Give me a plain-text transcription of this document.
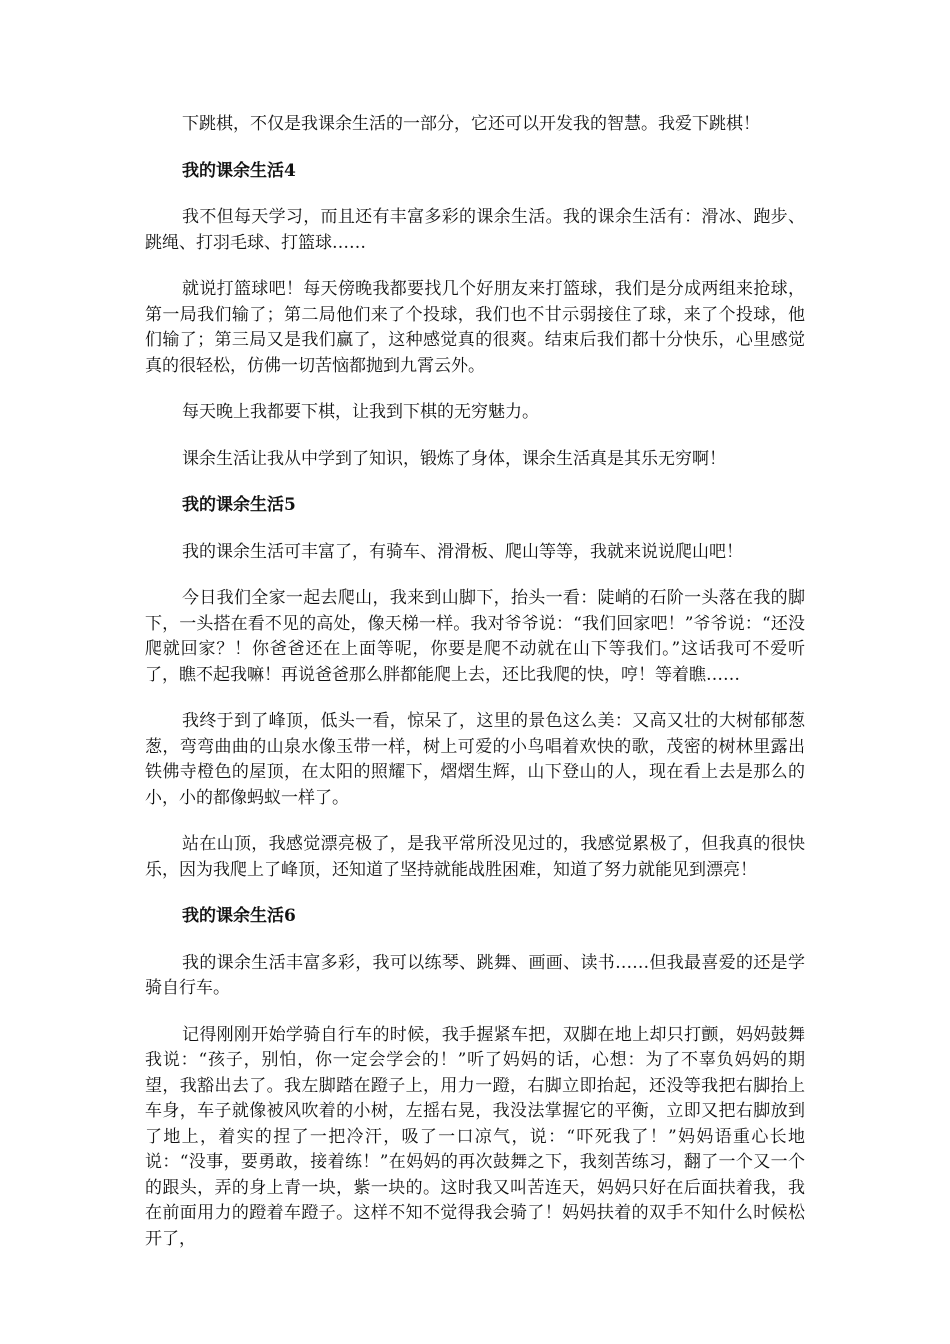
下跳棋，不仅是我课余生活的一部分，它还可以开发我的智慧。我爱下跳棋！

我的课余生活4

我不但每天学习，而且还有丰富多彩的课余生活。我的课余生活有：滑冰、跑步、跳绳、打羽毛球、打篮球……

就说打篮球吧！每天傍晚我都要找几个好朋友来打篮球，我们是分成两组来抢球，第一局我们输了；第二局他们来了个投球，我们也不甘示弱接住了球，来了个投球，他们输了；第三局又是我们赢了，这种感觉真的很爽。结束后我们都十分快乐，心里感觉真的很轻松，仿佛一切苦恼都抛到九霄云外。

每天晚上我都要下棋，让我到下棋的无穷魅力。

课余生活让我从中学到了知识，锻炼了身体，课余生活真是其乐无穷啊！

我的课余生活5

我的课余生活可丰富了，有骑车、滑滑板、爬山等等，我就来说说爬山吧！

今日我们全家一起去爬山，我来到山脚下，抬头一看：陡峭的石阶一头落在我的脚下，一头搭在看不见的高处，像天梯一样。我对爷爷说：“我们回家吧！”爷爷说：“还没爬就回家？！你爸爸还在上面等呢，你要是爬不动就在山下等我们。”这话我可不爱听了，瞧不起我嘛！再说爸爸那么胖都能爬上去，还比我爬的快，哼！等着瞧……

我终于到了峰顶，低头一看，惊呆了，这里的景色这么美：又高又壮的大树郁郁葱葱，弯弯曲曲的山泉水像玉带一样，树上可爱的小鸟唱着欢快的歌，茂密的树林里露出铁佛寺橙色的屋顶，在太阳的照耀下，熠熠生辉，山下登山的人，现在看上去是那么的小，小的都像蚂蚁一样了。

站在山顶，我感觉漂亮极了，是我平常所没见过的，我感觉累极了，但我真的很快乐，因为我爬上了峰顶，还知道了坚持就能战胜困难，知道了努力就能见到漂亮！

我的课余生活6

我的课余生活丰富多彩，我可以练琴、跳舞、画画、读书……但我最喜爱的还是学骑自行车。

记得刚刚开始学骑自行车的时候，我手握紧车把，双脚在地上却只打颤，妈妈鼓舞我说：“孩子，别怕，你一定会学会的！”听了妈妈的话，心想：为了不辜负妈妈的期望，我豁出去了。我左脚踏在蹬子上，用力一蹬，右脚立即抬起，还没等我把右脚抬上车身，车子就像被风吹着的小树，左摇右晃，我没法掌握它的平衡，立即又把右脚放到了地上，着实的捏了一把冷汗，吸了一口凉气，说：“吓死我了！”妈妈语重心长地说：“没事，要勇敢，接着练！”在妈妈的再次鼓舞之下，我刻苦练习，翻了一个又一个的跟头，弄的身上青一块，紫一块的。这时我又叫苦连天，妈妈只好在后面扶着我，我在前面用力的蹬着车蹬子。这样不知不觉得我会骑了！妈妈扶着的双手不知什么时候松开了，
